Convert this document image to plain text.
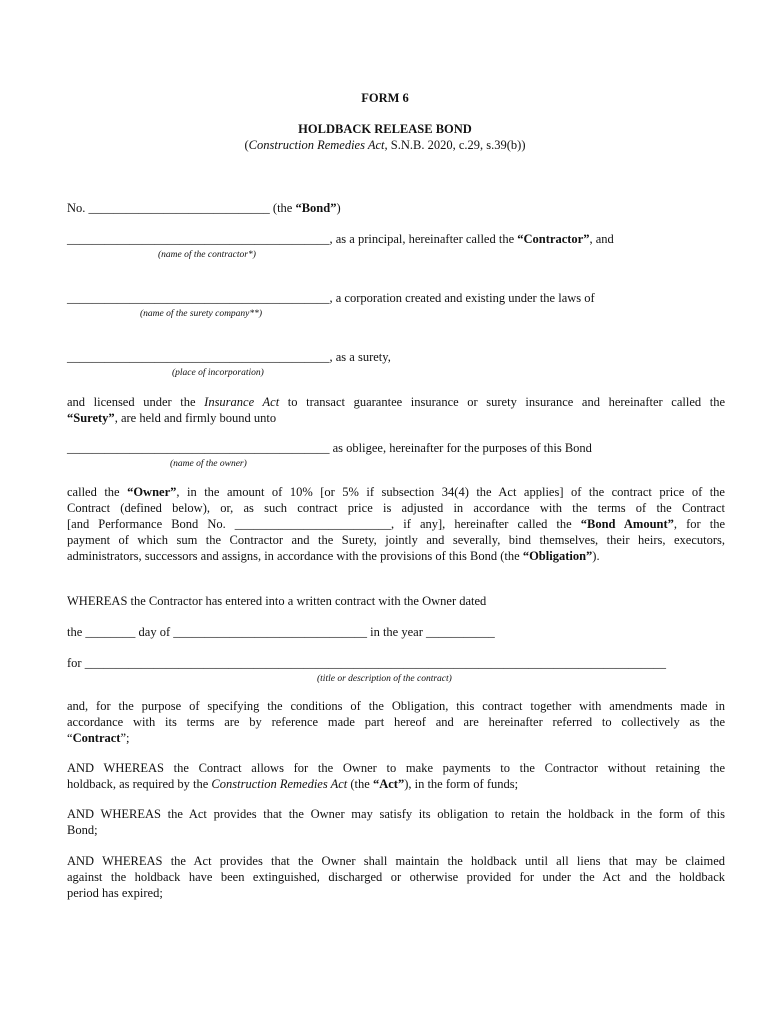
FORM 6
HOLDBACK RELEASE BOND
(Construction Remedies Act, S.N.B. 2020, c.29, s.39(b))
No. _____________________________ (the “Bond”)
__________________________________________, as a principal, hereinafter called the “Contractor”, and
(name of the contractor*)
__________________________________________, a corporation created and existing under the laws of
(name of the surety company**)
__________________________________________, as a surety,
(place of incorporation)
and licensed under the Insurance Act to transact guarantee insurance or surety insurance and hereinafter called the
“Surety”, are held and firmly bound unto
__________________________________________ as obligee, hereinafter for the purposes of this Bond
(name of the owner)
called the “Owner”, in the amount of 10% [or 5% if subsection 34(4) the Act applies] of the contract price of the
Contract (defined below), or, as such contract price is adjusted in accordance with the terms of the Contract
[and Performance Bond No. _________________________, if any], hereinafter called the “Bond Amount”, for the
payment of which sum the Contractor and the Surety, jointly and severally, bind themselves, their heirs, executors,
administrators, successors and assigns, in accordance with the provisions of this Bond (the “Obligation”).
WHEREAS the Contractor has entered into a written contract with the Owner dated
the ________ day of _______________________________ in the year ___________
for _____________________________________________________________________________________________
(title or description of the contract)
and, for the purpose of specifying the conditions of the Obligation, this contract together with amendments made in
accordance with its terms are by reference made part hereof and are hereinafter referred to collectively as the
“Contract”;
AND WHEREAS the Contract allows for the Owner to make payments to the Contractor without retaining the
holdback, as required by the Construction Remedies Act (the “Act”), in the form of funds;
AND WHEREAS the Act provides that the Owner may satisfy its obligation to retain the holdback in the form of this
Bond;
AND WHEREAS the Act provides that the Owner shall maintain the holdback until all liens that may be claimed
against the holdback have been extinguished, discharged or otherwise provided for under the Act and the holdback
period has expired;
